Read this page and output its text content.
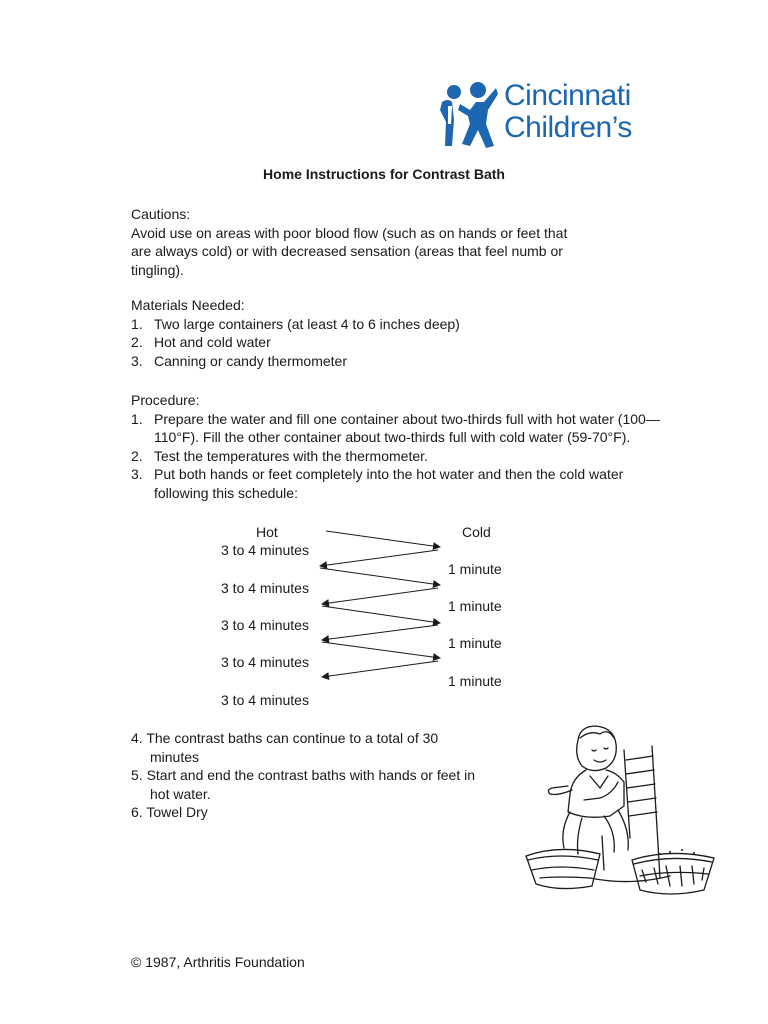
Cincinnati
Children’s
Home Instructions for Contrast Bath
Cautions:
Avoid use on areas with poor blood flow (such as on hands or feet that
are always cold) or with decreased sensation (areas that feel numb or
tingling).
Materials Needed:
1. Two large containers (at least 4 to 6 inches deep)
2. Hot and cold water
3. Canning or candy thermometer
Procedure:
1. Prepare the water and fill one container about two-thirds full with hot water (100—
110°F). Fill the other container about two-thirds full with cold water (59-70°F).
2. Test the temperatures with the thermometer.
3. Put both hands or feet completely into the hot water and then the cold water
following this schedule:
Hot	Cold
3 to 4 minutes
3 to 4 minutes
3 to 4 minutes
3 to 4 minutes
3 to 4 minutes
1 minute
1 minute
1 minute
1 minute
4. The contrast baths can continue to a total of 30
minutes
5. Start and end the contrast baths with hands or feet in
hot water.
6. Towel Dry
© 1987, Arthritis Foundation
